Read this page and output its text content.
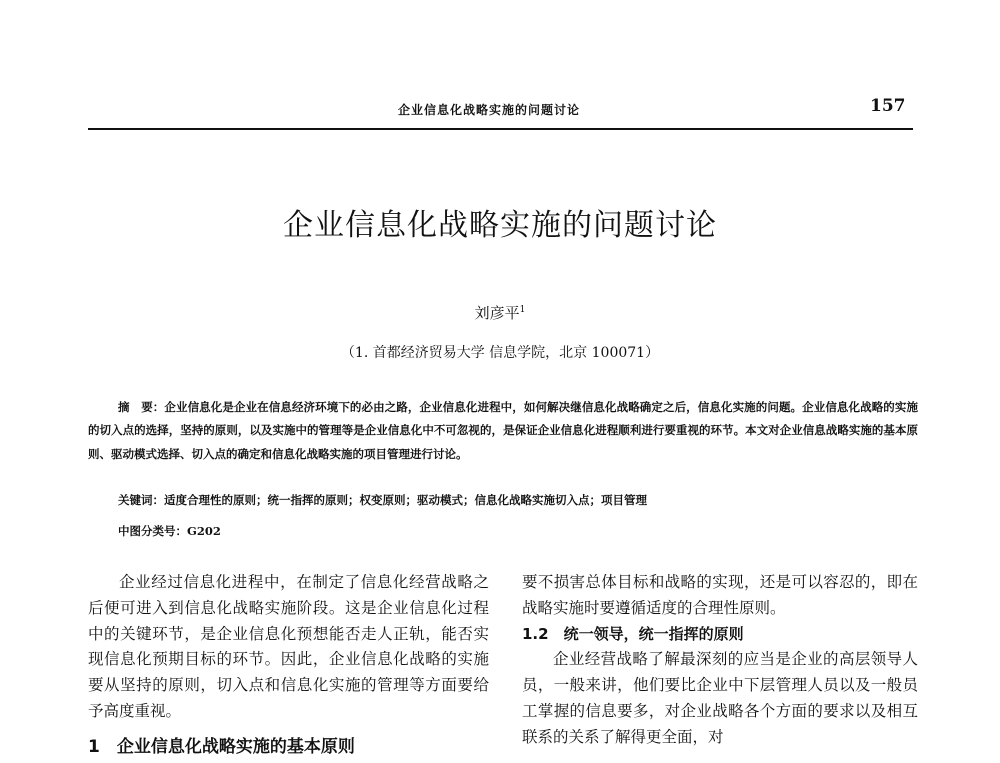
企业信息化战略实施的问题讨论	157
企业信息化战略实施的问题讨论
刘彦平$^1$
（1. 首都经济贸易大学 信息学院，北京 100071）
摘　要：企业信息化是企业在信息经济环境下的必由之路，企业信息化进程中，如何解决继信息化战略确定之后，信息化实施的问题。企业信息化战略的实施的切入点的选择，坚持的原则，以及实施中的管理等是企业信息化中不可忽视的，是保证企业信息化进程顺利进行要重视的环节。本文对企业信息战略实施的基本原则、驱动模式选择、切入点的确定和信息化战略实施的项目管理进行讨论。
关键词：适度合理性的原则；统一指挥的原则；权变原则；驱动模式；信息化战略实施切入点；项目管理
中图分类号：G202

企业经过信息化进程中，在制定了信息化经营战略之后便可进入到信息化战略实施阶段。这是企业信息化过程中的关键环节，是企业信息化预想能否走人正轨，能否实现信息化预期目标的环节。因此，企业信息化战略的实施要从坚持的原则，切入点和信息化实施的管理等方面要给予高度重视。

1　企业信息化战略实施的基本原则

要不损害总体目标和战略的实现，还是可以容忍的，即在战略实施时要遵循适度的合理性原则。

1.2　统一领导，统一指挥的原则

企业经营战略了解最深刻的应当是企业的高层领导人员，一般来讲，他们要比企业中下层管理人员以及一般员工掌握的信息要多，对企业战略各个方面的要求以及相互联系的关系了解得更全面，对
